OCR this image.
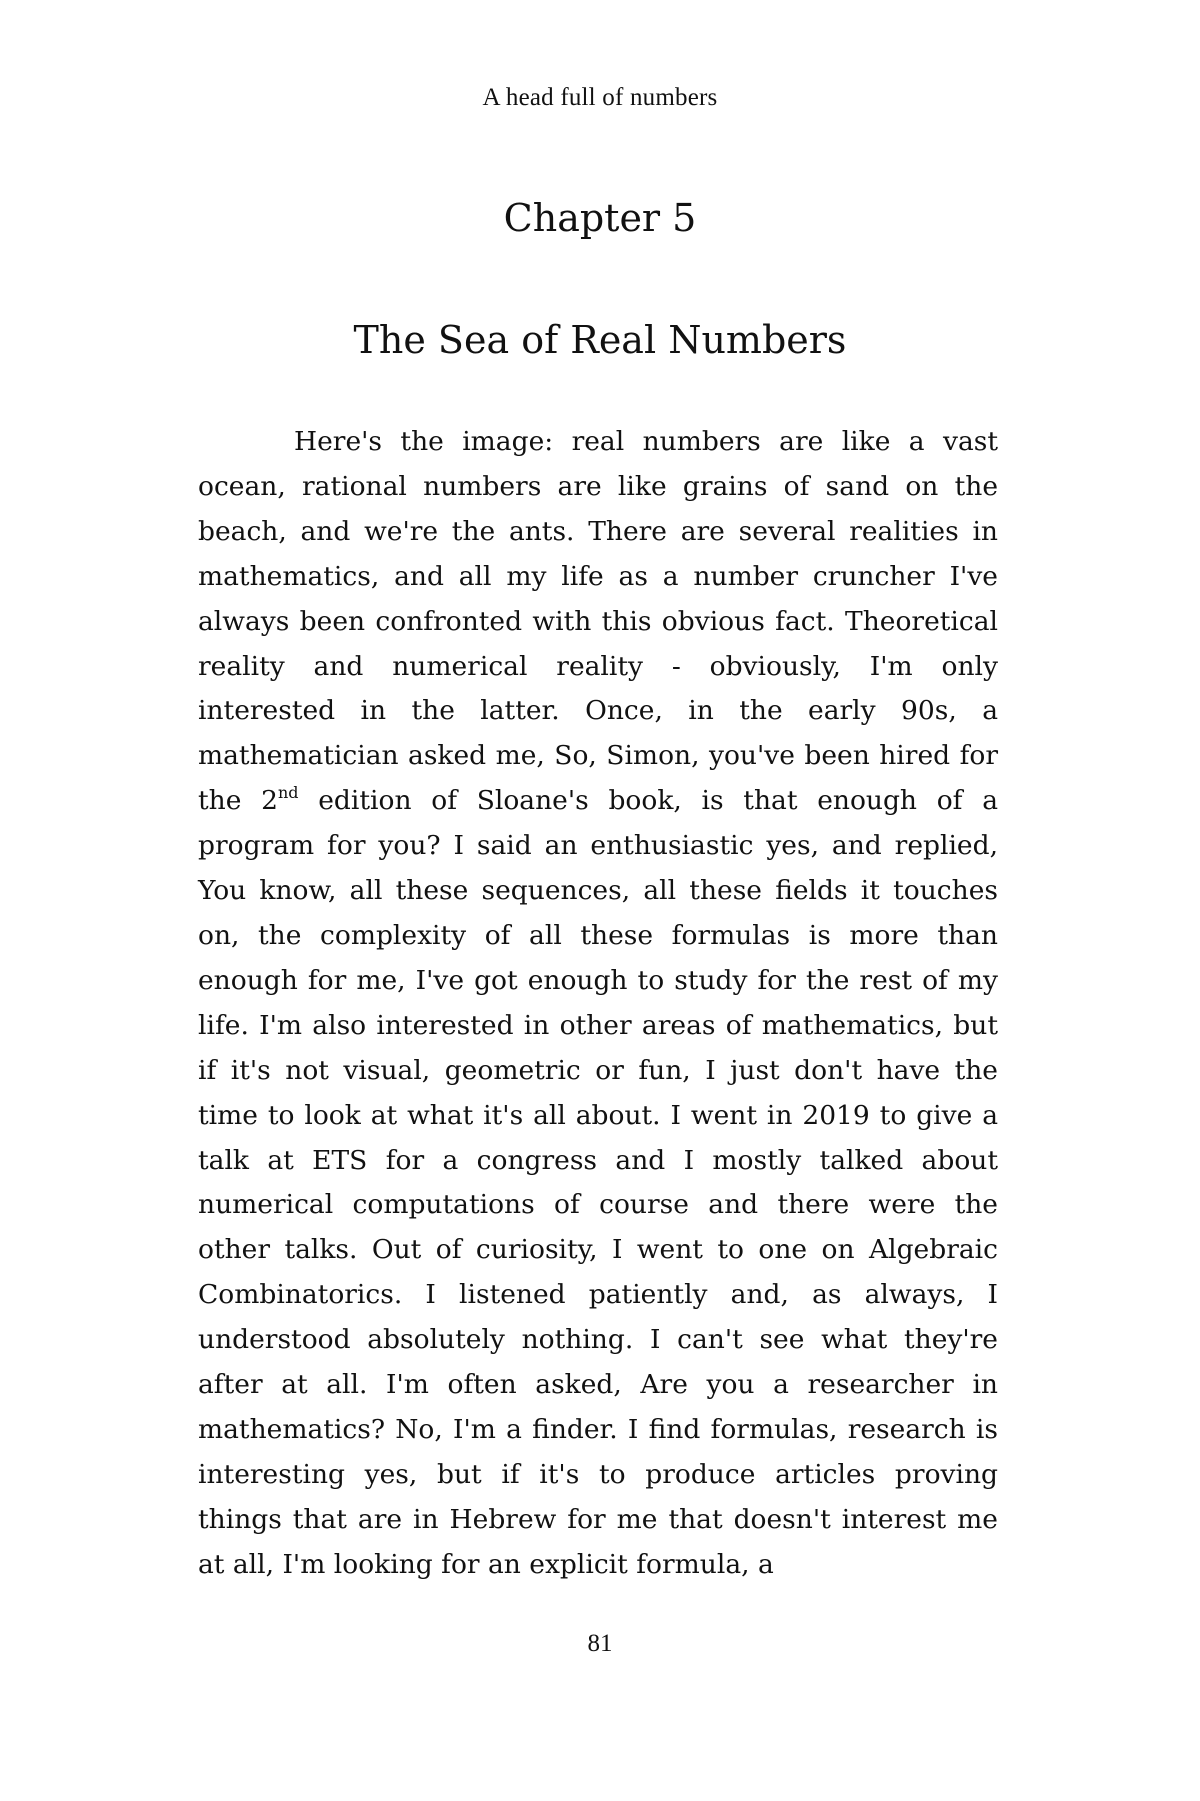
A head full of numbers
Chapter 5
The Sea of Real Numbers
Here's the image: real numbers are like a vast ocean, rational numbers are like grains of sand on the beach, and we're the ants. There are several realities in mathematics, and all my life as a number cruncher I've always been confronted with this obvious fact. Theoretical reality and numerical reality - obviously, I'm only interested in the latter. Once, in the early 90s, a mathematician asked me, So, Simon, you've been hired for the 2nd edition of Sloane's book, is that enough of a program for you? I said an enthusiastic yes, and replied, You know, all these sequences, all these fields it touches on, the complexity of all these formulas is more than enough for me, I've got enough to study for the rest of my life. I'm also interested in other areas of mathematics, but if it's not visual, geometric or fun, I just don't have the time to look at what it's all about. I went in 2019 to give a talk at ETS for a congress and I mostly talked about numerical computations of course and there were the other talks. Out of curiosity, I went to one on Algebraic Combinatorics. I listened patiently and, as always, I understood absolutely nothing. I can't see what they're after at all. I'm often asked, Are you a researcher in mathematics? No, I'm a finder. I find formulas, research is interesting yes, but if it's to produce articles proving things that are in Hebrew for me that doesn't interest me at all, I'm looking for an explicit formula, a
81
